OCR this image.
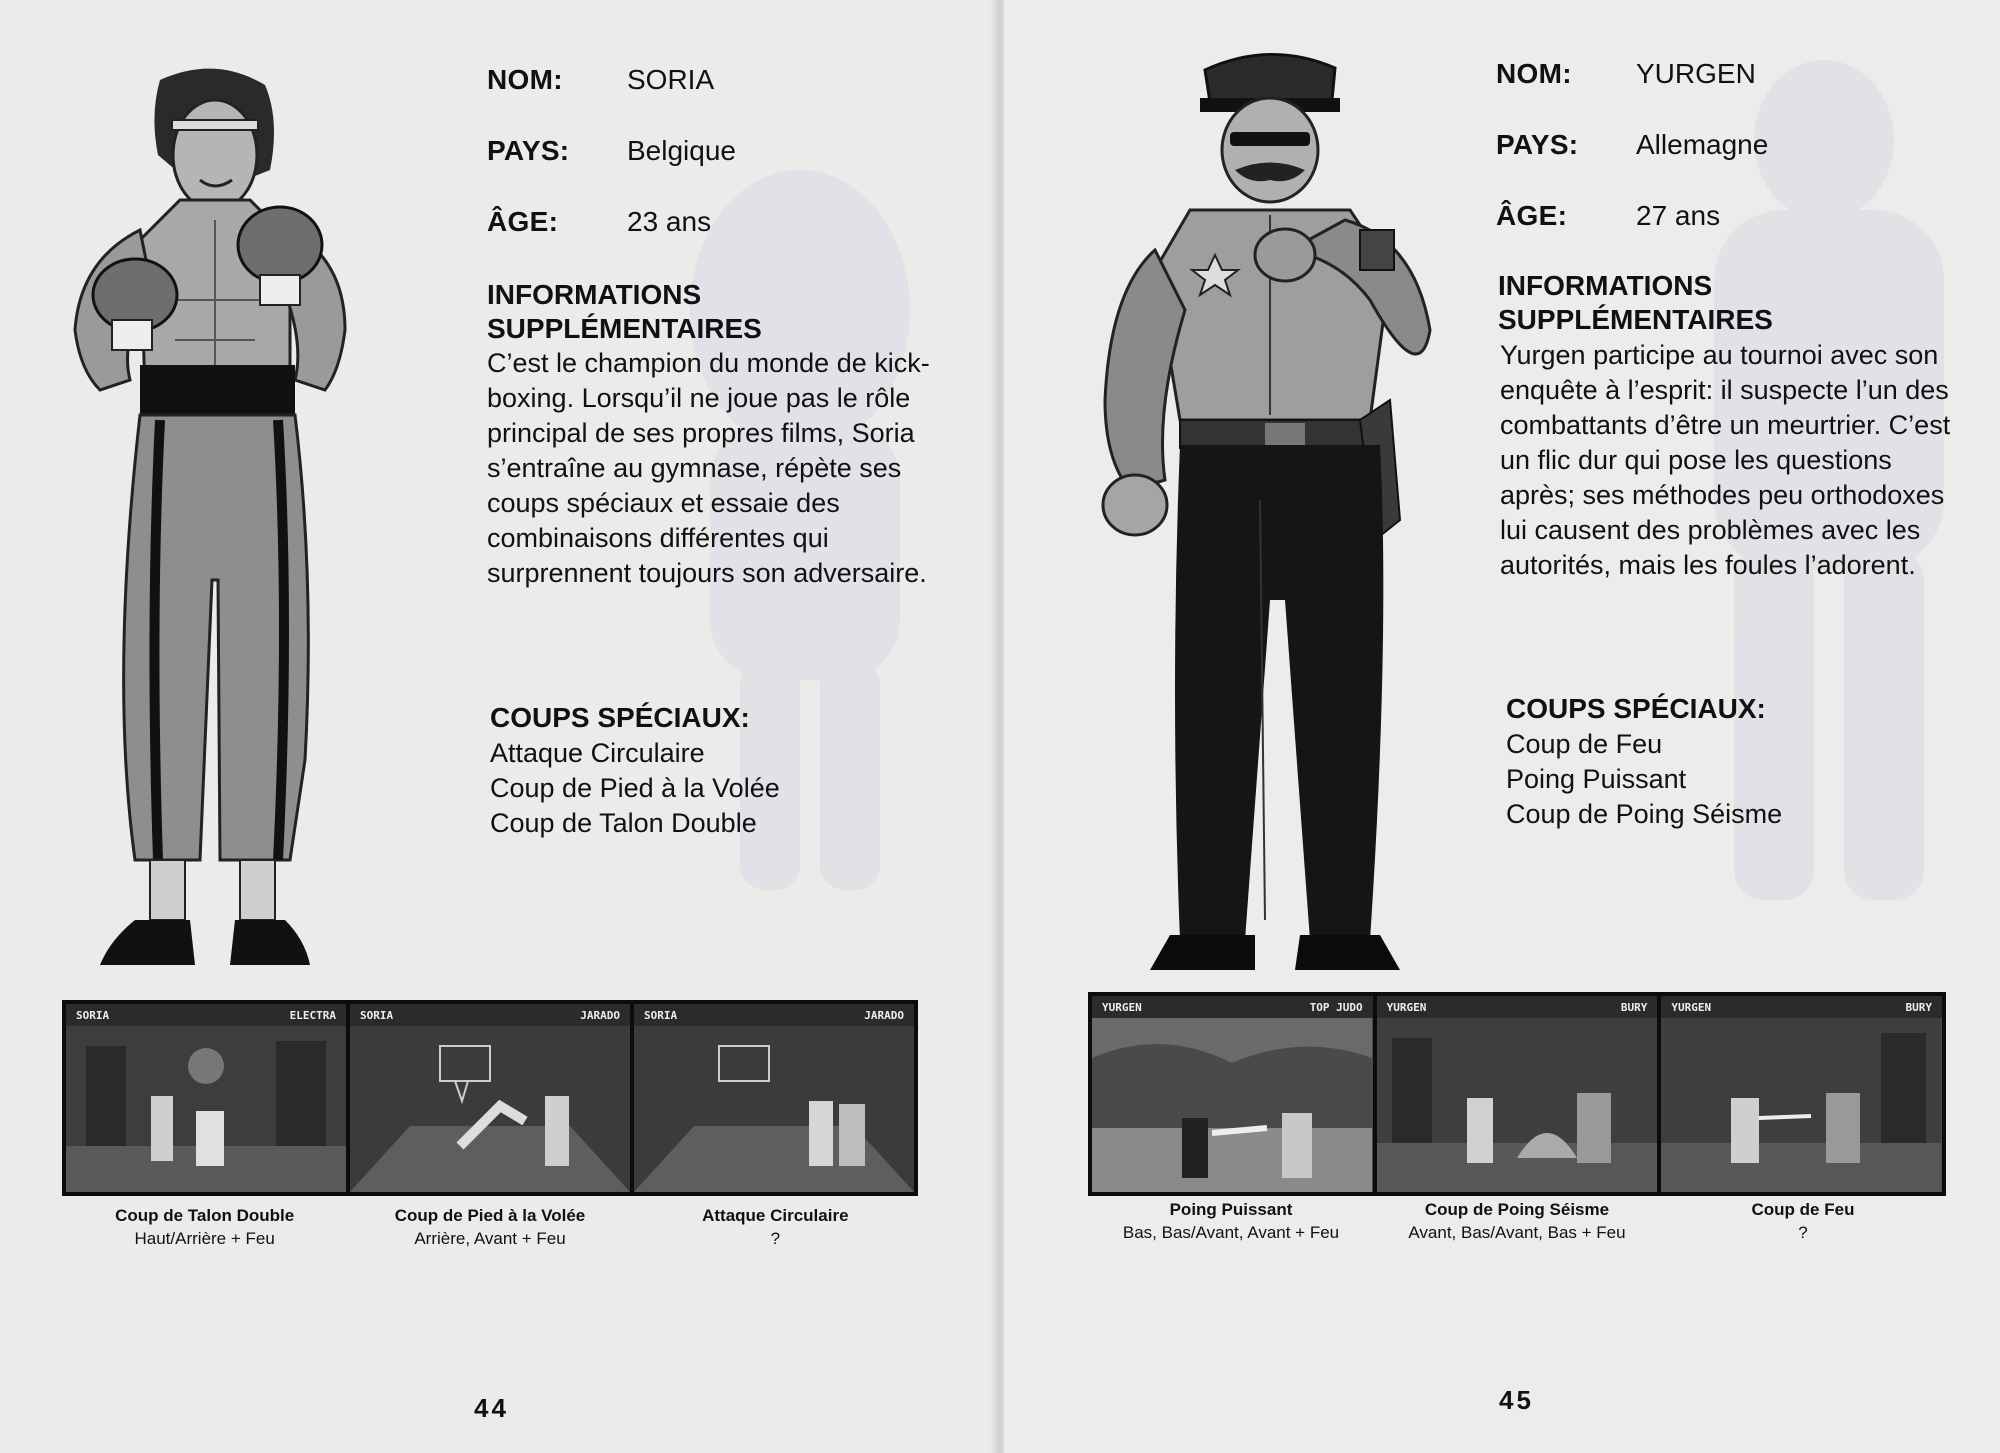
NOM:	SORIA
PAYS:	Belgique
ÂGE:	23 ans
INFORMATIONS
SUPPLÉMENTAIRES

C’est le champion du monde de kick-boxing. Lorsqu’il ne joue pas le rôle principal de ses propres films, Soria s’entraîne au gymnase, répète ses coups spéciaux et essaie des combinaisons différentes qui surprennent toujours son adversaire.

COUPS SPÉCIAUX:
Attaque Circulaire
Coup de Pied à la Volée
Coup de Talon Double
SORIA	ELECTRA SORIA	JARADO SORIA	JARADO
Coup de Talon Double
Haut/Arrière + Feu
Coup de Pied à la Volée
Arrière, Avant + Feu
Attaque Circulaire
?
44
NOM:	YURGEN
PAYS:	Allemagne
ÂGE:	27 ans
INFORMATIONS
SUPPLÉMENTAIRES

Yurgen participe au tournoi avec son enquête à l’esprit: il suspecte l’un des combattants d’être un meurtrier. C’est un flic dur qui pose les questions après; ses méthodes peu orthodoxes lui causent des problèmes avec les autorités, mais les foules l’adorent.

COUPS SPÉCIAUX:
Coup de Feu
Poing Puissant
Coup de Poing Séisme
YURGEN	TOP JUDO YURGEN	BURY YURGEN	BURY
Poing Puissant
Bas, Bas/Avant, Avant + Feu
Coup de Poing Séisme
Avant, Bas/Avant, Bas + Feu
Coup de Feu
?
45
